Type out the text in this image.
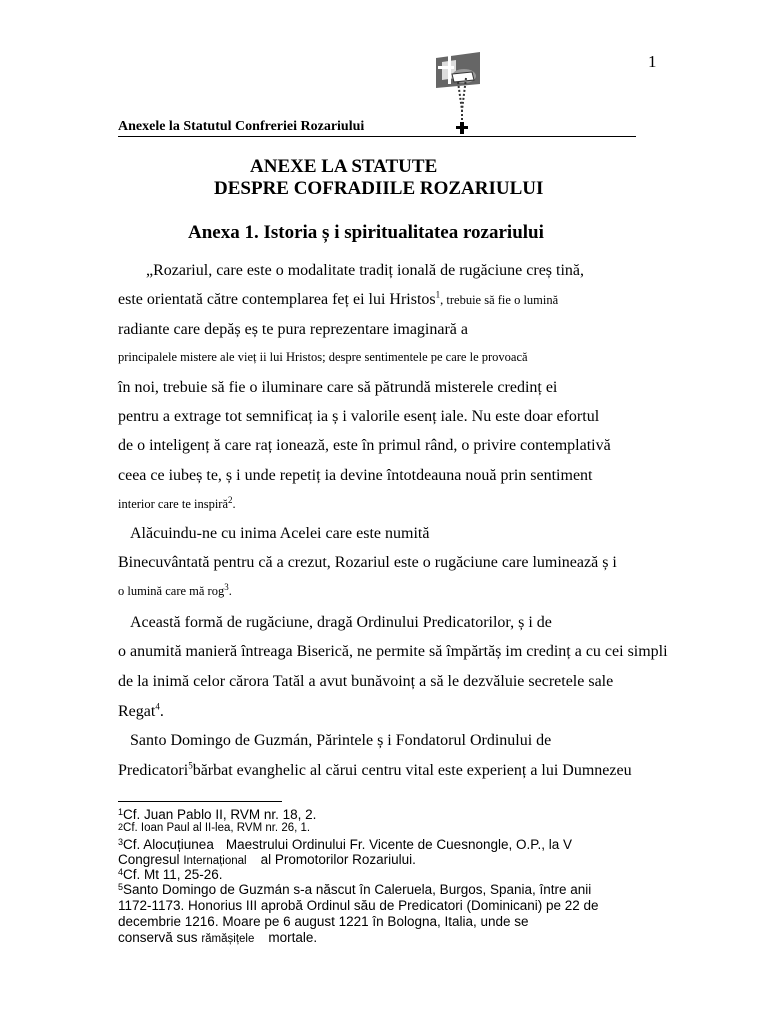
1
Anexele la Statutul Confreriei Rozariului
ANEXE LA STATUTE
DESPRE COFRADIILE ROZARIULUI
Anexa 1. Istoria ș i spiritualitatea rozariului
„Rozariul, care este o modalitate tradiț ională de rugăciune creș tină,
este orientată către contemplarea feț ei lui Hristos$^1$, trebuie să fie o lumină
radiante care depăș eș te pura reprezentare imaginară a
principalele mistere ale vieț ii lui Hristos; despre sentimentele pe care le provoacă
în noi, trebuie să fie o iluminare care să pătrundă misterele credinț ei
pentru a extrage tot semnificaț ia ș i valorile esenț iale. Nu este doar efortul
de o inteligenț ă care raț ionează, este în primul rând, o privire contemplativă
ceea ce iubeș te, ș i unde repetiț ia devine întotdeauna nouă prin sentiment
interior care te inspiră$^2$.
Alăcuindu-ne cu inima Acelei care este numită
Binecuvântată pentru că a crezut, Rozariul este o rugăciune care luminează ș i
o lumină care mă rog$^3$.
Această formă de rugăciune, dragă Ordinului Predicatorilor, ș i de
o anumită manieră întreaga Biserică, ne permite să împărtăș im credinț a cu cei simpli
de la inimă celor cărora Tatăl a avut bunăvoinț a să le dezvăluie secretele sale
Regat$^4$.
Santo Domingo de Guzmán, Părintele ș i Fondatorul Ordinului de
Predicatori$^5$bărbat evanghelic al cărui centru vital este experienț a lui Dumnezeu
$^1$Cf. Juan Pablo II, RVM nr. 18, 2.
$^2$Cf. Ioan Paul al II-lea, RVM nr. 26, 1.
$^3$Cf. Alocuțiunea Maestrului Ordinului Fr. Vicente de Cuesnongle, O.P., la V
Congresul Internațional al Promotorilor Rozariului.
$^4$Cf. Mt 11, 25-26.
$^5$Santo Domingo de Guzmán s-a născut în Caleruela, Burgos, Spania, între anii
1172-1173. Honorius III aprobă Ordinul său de Predicatori (Dominicani) pe 22 de
decembrie 1216. Moare pe 6 august 1221 în Bologna, Italia, unde se
conservă sus rămășițele mortale.
